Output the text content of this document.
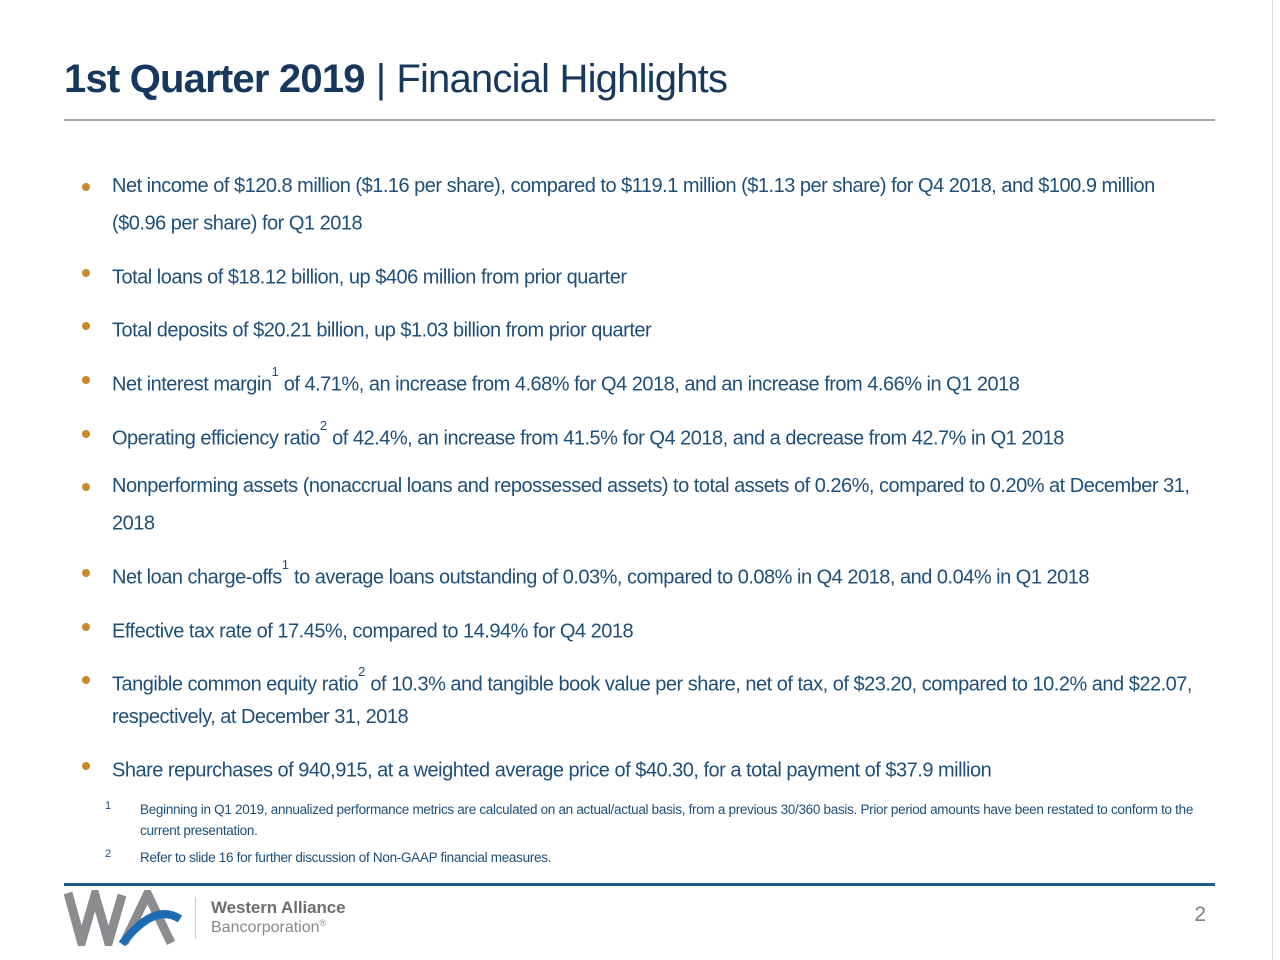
1st Quarter 2019 | Financial Highlights
Net income of $120.8 million ($1.16 per share), compared to $119.1 million ($1.13 per share) for Q4 2018, and $100.9 million ($0.96 per share) for Q1 2018
Total loans of $18.12 billion, up $406 million from prior quarter
Total deposits of $20.21 billion, up $1.03 billion from prior quarter
Net interest margin$^1$ of 4.71%, an increase from 4.68% for Q4 2018, and an increase from 4.66% in Q1 2018
Operating efficiency ratio$^2$ of 42.4%, an increase from 41.5% for Q4 2018, and a decrease from 42.7% in Q1 2018
Nonperforming assets (nonaccrual loans and repossessed assets) to total assets of 0.26%, compared to 0.20% at December 31, 2018
Net loan charge-offs$^1$ to average loans outstanding of 0.03%, compared to 0.08% in Q4 2018, and 0.04% in Q1 2018
Effective tax rate of 17.45%, compared to 14.94% for Q4 2018
Tangible common equity ratio$^2$ of 10.3% and tangible book value per share, net of tax, of $23.20, compared to 10.2% and $22.07, respectively, at December 31, 2018
Share repurchases of 940,915, at a weighted average price of $40.30, for a total payment of $37.9 million
1 Beginning in Q1 2019, annualized performance metrics are calculated on an actual/actual basis, from a previous 30/360 basis. Prior period amounts have been restated to conform to the current presentation.
2 Refer to slide 16 for further discussion of Non-GAAP financial measures.
Western Alliance
Bancorporation®	2
